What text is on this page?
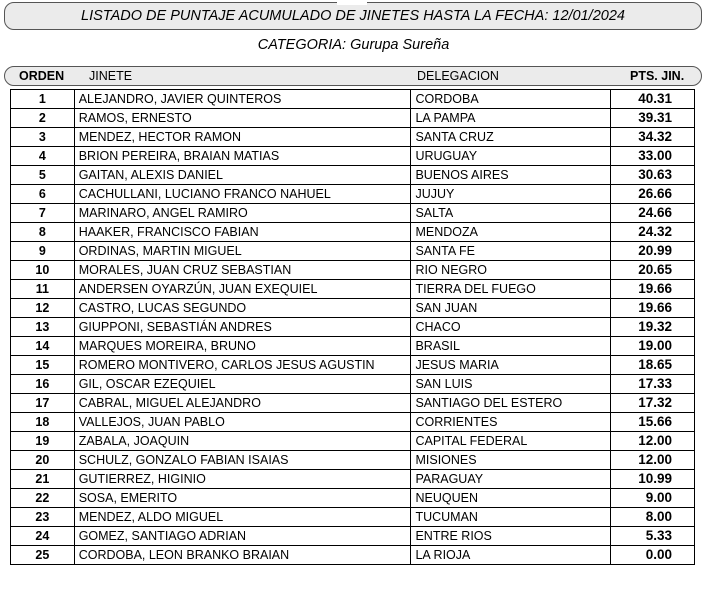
LISTADO DE PUNTAJE ACUMULADO DE JINETES HASTA LA FECHA: 12/01/2024
CATEGORIA: Gurupa Sureña
ORDEN JINETE	DELEGACION	PTS. JIN.
1	ALEJANDRO, JAVIER QUINTEROS	CORDOBA	40.31
2	RAMOS, ERNESTO	LA PAMPA	39.31
3	MENDEZ, HECTOR RAMON	SANTA CRUZ	34.32
4	BRION PEREIRA, BRAIAN MATIAS	URUGUAY	33.00
5	GAITAN, ALEXIS DANIEL	BUENOS AIRES	30.63
6	CACHULLANI, LUCIANO FRANCO NAHUEL	JUJUY	26.66
7	MARINARO, ANGEL RAMIRO	SALTA	24.66
8	HAAKER, FRANCISCO FABIAN	MENDOZA	24.32
9	ORDINAS, MARTIN MIGUEL	SANTA FE	20.99
10	MORALES, JUAN CRUZ SEBASTIAN	RIO NEGRO	20.65
11	ANDERSEN OYARZÚN, JUAN EXEQUIEL	TIERRA DEL FUEGO	19.66
12	CASTRO, LUCAS SEGUNDO	SAN JUAN	19.66
13	GIUPPONI, SEBASTIÁN ANDRES	CHACO	19.32
14	MARQUES MOREIRA, BRUNO	BRASIL	19.00
15	ROMERO MONTIVERO, CARLOS JESUS AGUSTIN	JESUS MARIA	18.65
16	GIL, OSCAR EZEQUIEL	SAN LUIS	17.33
17	CABRAL, MIGUEL ALEJANDRO	SANTIAGO DEL ESTERO	17.32
18	VALLEJOS, JUAN PABLO	CORRIENTES	15.66
19	ZABALA, JOAQUIN	CAPITAL FEDERAL	12.00
20	SCHULZ, GONZALO FABIAN ISAIAS	MISIONES	12.00
21	GUTIERREZ, HIGINIO	PARAGUAY	10.99
22	SOSA, EMERITO	NEUQUEN	9.00
23	MENDEZ, ALDO MIGUEL	TUCUMAN	8.00
24	GOMEZ, SANTIAGO ADRIAN	ENTRE RIOS	5.33
25	CORDOBA, LEON BRANKO BRAIAN	LA RIOJA	0.00
